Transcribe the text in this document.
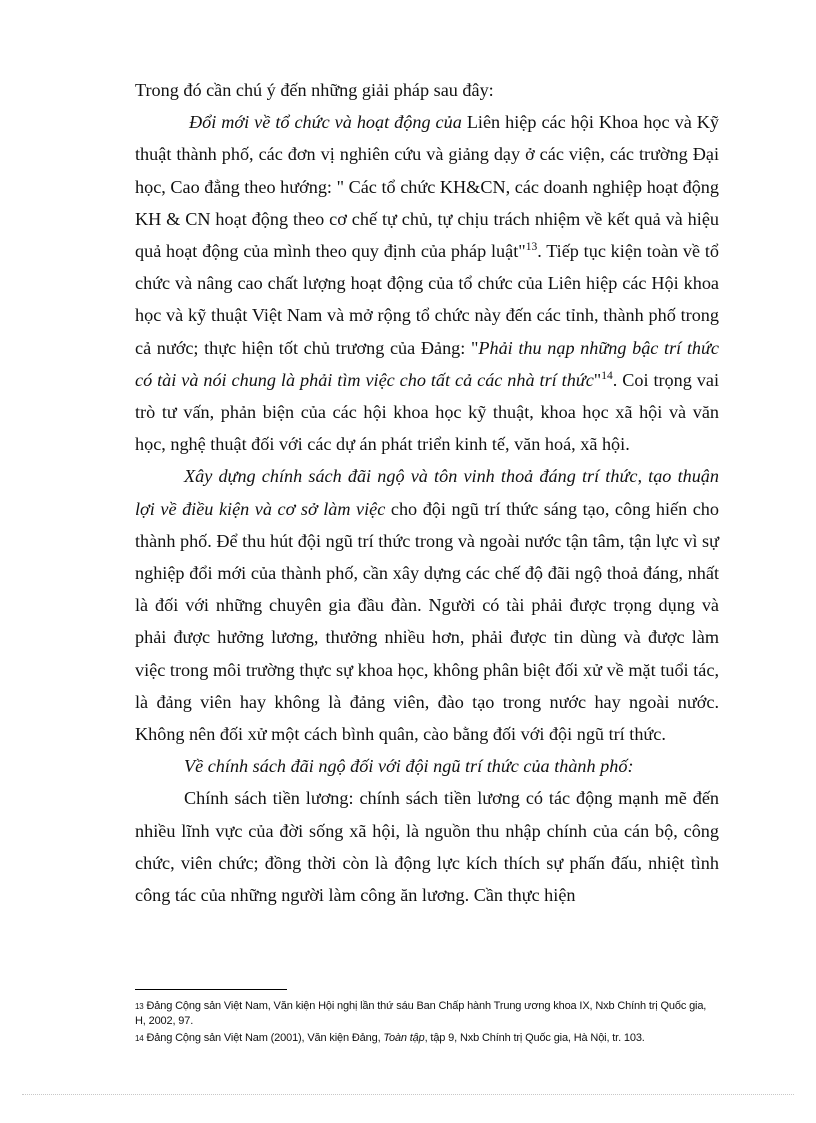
Trong đó cần chú ý đến những giải pháp sau đây:

Đổi mới về tổ chức và hoạt động của Liên hiệp các hội Khoa học và Kỹ thuật thành phố, các đơn vị nghiên cứu và giảng dạy ở các viện, các trường Đại học, Cao đẳng theo hướng: " Các tổ chức KH&CN, các doanh nghiệp hoạt động KH & CN hoạt động theo cơ chế tự chủ, tự chịu trách nhiệm về kết quả và hiệu quả hoạt động của mình theo quy định của pháp luật"$^{13}$. Tiếp tục kiện toàn về tổ chức và nâng cao chất lượng hoạt động của tổ chức của Liên hiệp các Hội khoa học và kỹ thuật Việt Nam và mở rộng tổ chức này đến các tỉnh, thành phố trong cả nước; thực hiện tốt chủ trương của Đảng: "Phải thu nạp những bậc trí thức có tài và nói chung là phải tìm việc cho tất cả các nhà trí thức"$^{14}$. Coi trọng vai trò tư vấn, phản biện của các hội khoa học kỹ thuật, khoa học xã hội và văn học, nghệ thuật đối với các dự án phát triển kinh tế, văn hoá, xã hội.

Xây dựng chính sách đãi ngộ và tôn vinh thoả đáng trí thức, tạo thuận lợi về điều kiện và cơ sở làm việc cho đội ngũ trí thức sáng tạo, công hiến cho thành phố. Để thu hút đội ngũ trí thức trong và ngoài nước tận tâm, tận lực vì sự nghiệp đổi mới của thành phố, cần xây dựng các chế độ đãi ngộ thoả đáng, nhất là đối với những chuyên gia đầu đàn. Người có tài phải được trọng dụng và phải được hưởng lương, thưởng nhiều hơn, phải được tin dùng và được làm việc trong môi trường thực sự khoa học, không phân biệt đối xử về mặt tuổi tác, là đảng viên hay không là đảng viên, đào tạo trong nước hay ngoài nước. Không nên đối xử một cách bình quân, cào bằng đối với đội ngũ trí thức.

Về chính sách đãi ngộ đối với đội ngũ trí thức của thành phố:

Chính sách tiền lương: chính sách tiền lương có tác động mạnh mẽ đến nhiều lĩnh vực của đời sống xã hội, là nguồn thu nhập chính của cán bộ, công chức, viên chức; đồng thời còn là động lực kích thích sự phấn đấu, nhiệt tình công tác của những người làm công ăn lương. Cần thực hiện

13 Đảng Cộng sản Việt Nam, Văn kiện Hội nghị lần thứ sáu Ban Chấp hành Trung ương khoa IX, Nxb Chính trị Quốc gia, H, 2002, 97.

14 Đảng Cộng sản Việt Nam (2001), Văn kiện Đảng, Toàn tập, tập 9, Nxb Chính trị Quốc gia, Hà Nội, tr. 103.
